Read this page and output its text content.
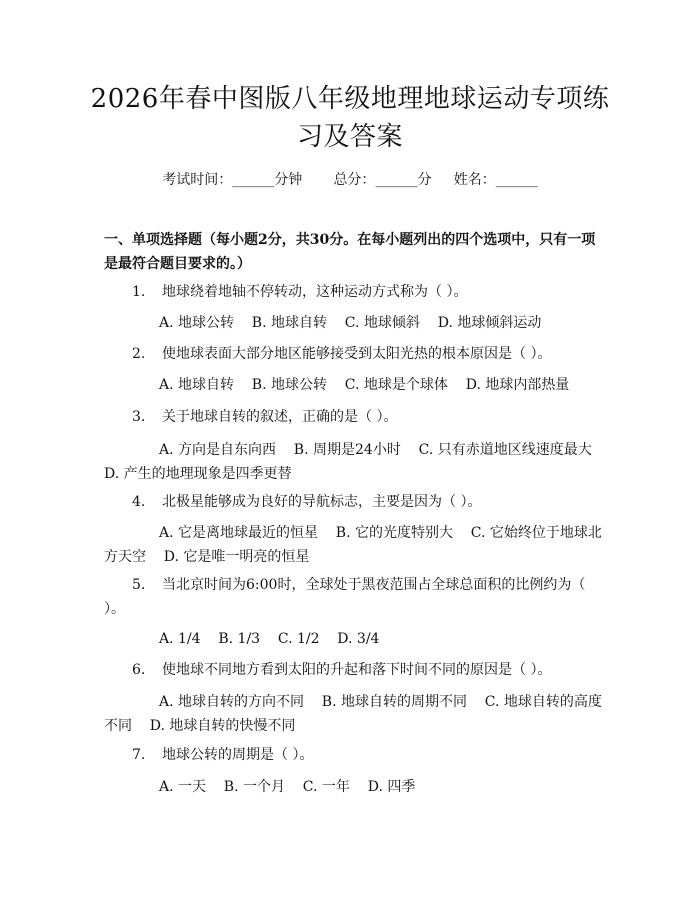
2026年春中图版八年级地理地球运动专项练习及答案
考试时间：______分钟 总分：______分 姓名：______
一、单项选择题（每小题2分，共30分。在每小题列出的四个选项中，只有一项是最符合题目要求的。）
1. 地球绕着地轴不停转动，这种运动方式称为（ ）。
A. 地球公转    B. 地球自转    C. 地球倾斜    D. 地球倾斜运动
2. 使地球表面大部分地区能够接受到太阳光热的根本原因是（ ）。
A. 地球自转    B. 地球公转    C. 地球是个球体    D. 地球内部热量
3. 关于地球自转的叙述，正确的是（ ）。
A. 方向是自东向西    B. 周期是24小时    C. 只有赤道地区线速度最大    D. 产生的地理现象是四季更替
4. 北极星能够成为良好的导航标志，主要是因为（ ）。
A. 它是离地球最近的恒星    B. 它的光度特别大    C. 它始终位于地球北方天空    D. 它是唯一明亮的恒星
5. 当北京时间为6:00时，全球处于黑夜范围占全球总面积的比例约为（ ）。
A. 1/4    B. 1/3    C. 1/2    D. 3/4
6. 使地球不同地方看到太阳的升起和落下时间不同的原因是（ ）。
A. 地球自转的方向不同    B. 地球自转的周期不同    C. 地球自转的高度不同    D. 地球自转的快慢不同
7. 地球公转的周期是（ ）。
A. 一天    B. 一个月    C. 一年    D. 四季
